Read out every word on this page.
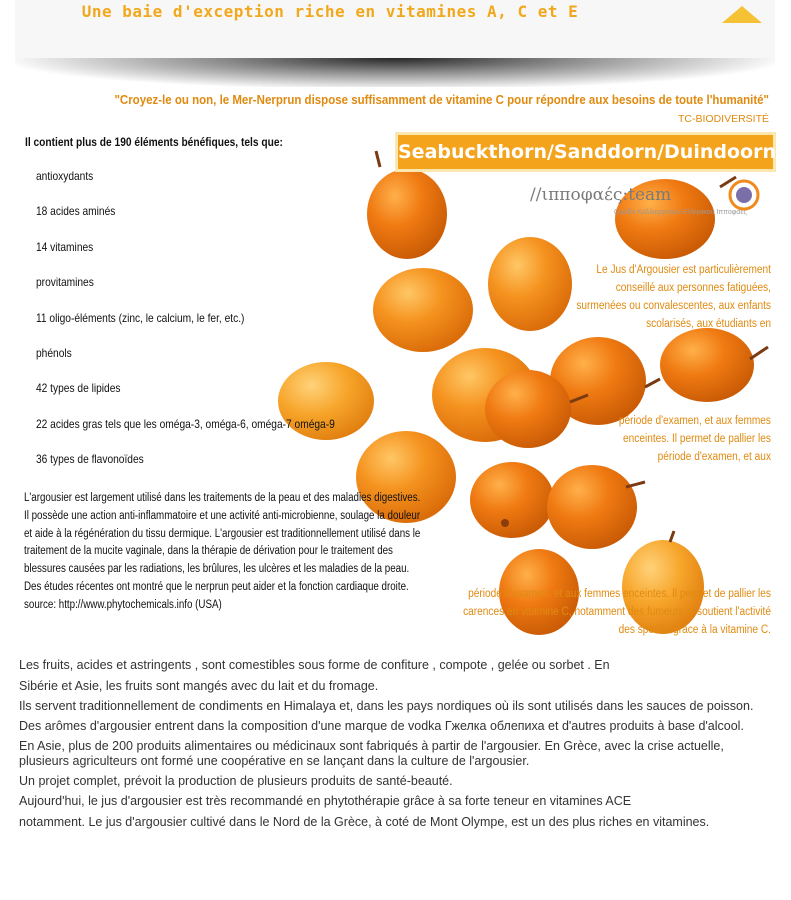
Une baie d'exception riche en vitamines A, C et E
"Croyez-le ou non, le Mer-Nerprun dispose suffisamment de vitamine C pour répondre aux besoins de toute l'humanité"
TC-BIODIVERSITÉ
Il contient plus de 190 éléments bénéfiques, tels que:
antioxydants
18 acides aminés
14 vitamines
provitamines
11 oligo-éléments (zinc, le calcium, le fer, etc.)
phénols
42 types de lipides
22 acides gras tels que les oméga-3, oméga-6, oméga-7 oméga-9
36 types de flavonoïdes
L'argousier est largement utilisé dans les traitements de la peau et des maladies digestives.
Il possède une action anti-inflammatoire et une activité anti-microbienne, soulage la douleur et aide à la régénération du tissu dermique. L'argousier est traditionnellement utilisé dans le traitement de la mucite vaginale, dans la thérapie de dérivation pour le traitement des blessures causées par les radiations, les brûlures, les ulcères et les maladies de la peau. Des études récentes ont montré que le nerprun peut aider et la fonction cardiaque droite.
source: http://www.phytochemicals.info (USA)
Seabuckthorn/Sanddorn/Duindoorn
//ιπποφαές:team
Ομάδα Καλλιεργητών Ελληνικού Ιπποφαές
Le Jus d'Argousier est particulièrement conseillé aux personnes fatiguées, surmenées ou convalescentes, aux enfants scolarisés, aux étudiants en
période d'examen, et aux femmes enceintes. Il permet de pallier les période d'examen, et aux
période d'examen, et aux femmes enceintes. Il permet de pallier les carences en vitamine C, notamment des fumeurs. Il soutient l'activité des sportifs grâce à la vitamine C.

Les fruits, acides et astringents , sont comestibles sous forme de confiture , compote , gelée ou sorbet . En

Sibérie et Asie, les fruits sont mangés avec du lait et du fromage.

Ils servent traditionnellement de condiments en Himalaya et, dans les pays nordiques où ils sont utilisés dans les sauces de poisson.

Des arômes d'argousier entrent dans la composition d'une marque de vodka Гжелка облепиха et d'autres produits à base d'alcool.

En Asie, plus de 200 produits alimentaires ou médicinaux sont fabriqués à partir de l'argousier. En Grèce, avec la crise actuelle, plusieurs agriculteurs ont formé une coopérative en se lançant dans la culture de l'argousier.

Un projet complet, prévoit la production de plusieurs produits de santé-beauté.

Aujourd'hui, le jus d'argousier est très recommandé en phytothérapie grâce à sa forte teneur en vitamines ACE

notamment. Le jus d'argousier cultivé dans le Nord de la Grèce, à coté de Mont Olympe, est un des plus riches en vitamines.
